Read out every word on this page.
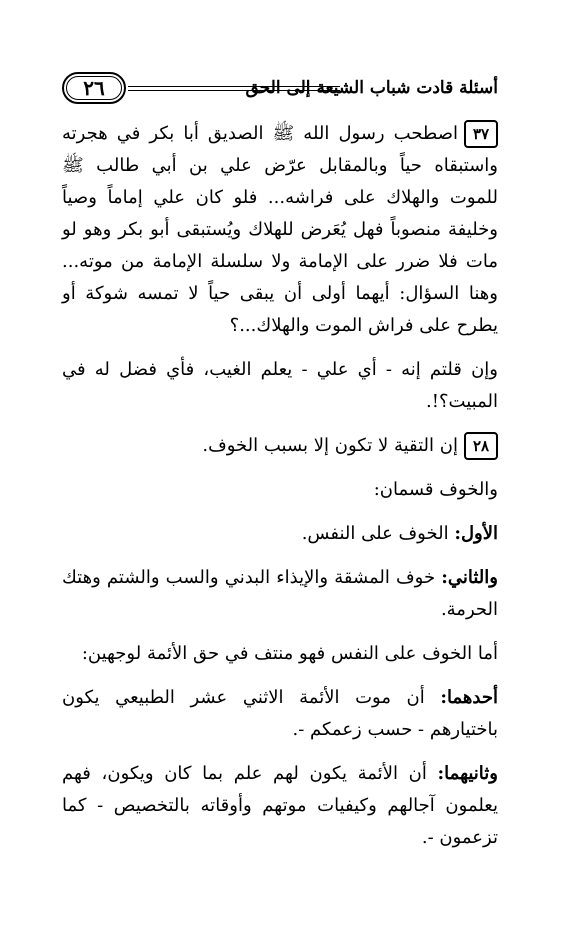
٢٦	أسئلة قادت شباب الشيعة إلى الحق

٣٧اصطحب رسول الله ﷺ الصديق أبا بكر في هجرته واستبقاه حياً وبالمقابل عرّض علي بن أبي طالب ﷺ للموت والهلاك على فراشه... فلو كان علي إماماً وصياً وخليفة منصوباً فهل يُعَرض للهلاك ويُستبقى أبو بكر وهو لو مات فلا ضرر على الإمامة ولا سلسلة الإمامة من موته... وهنا السؤال: أيهما أولى أن يبقى حياً لا تمسه شوكة أو يطرح على فراش الموت والهلاك...؟

وإن قلتم إنه - أي علي - يعلم الغيب، فأي فضل له في المبيت؟!.

٢٨إن التقية لا تكون إلا بسبب الخوف.

والخوف قسمان:

الأول: الخوف على النفس.

والثاني: خوف المشقة والإيذاء البدني والسب والشتم وهتك الحرمة.

أما الخوف على النفس فهو منتف في حق الأئمة لوجهين:

أحدهما: أن موت الأئمة الاثني عشر الطبيعي يكون باختيارهم - حسب زعمكم -.

وثانيهما: أن الأئمة يكون لهم علم بما كان ويكون، فهم يعلمون آجالهم وكيفيات موتهم وأوقاته بالتخصيص - كما تزعمون -.
